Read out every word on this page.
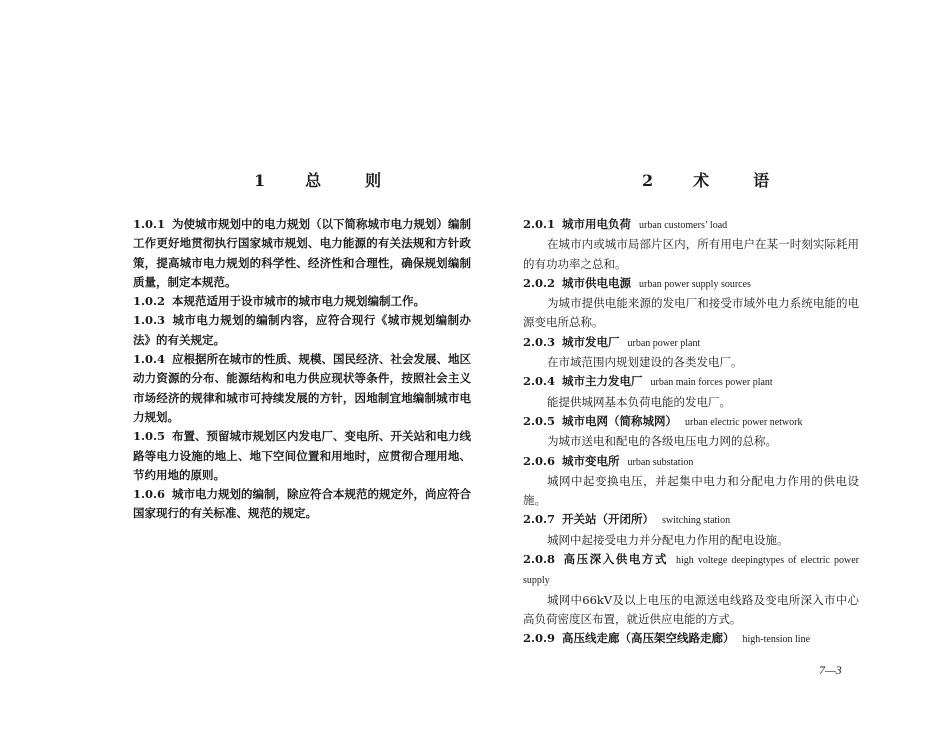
1 总	则	2 术	语

1.0.1 为使城市规划中的电力规划（以下简称城市电力规划）编制工作更好地贯彻执行国家城市规划、电力能源的有关法规和方针政策，提高城市电力规划的科学性、经济性和合理性，确保规划编制质量，制定本规范。

1.0.2 本规范适用于设市城市的城市电力规划编制工作。

1.0.3 城市电力规划的编制内容，应符合现行《城市规划编制办法》的有关规定。

1.0.4 应根据所在城市的性质、规模、国民经济、社会发展、地区动力资源的分布、能源结构和电力供应现状等条件，按照社会主义市场经济的规律和城市可持续发展的方针，因地制宜地编制城市电力规划。

1.0.5 布置、预留城市规划区内发电厂、变电所、开关站和电力线路等电力设施的地上、地下空间位置和用地时，应贯彻合理用地、节约用地的原则。

1.0.6 城市电力规划的编制，除应符合本规范的规定外，尚应符合国家现行的有关标准、规范的规定。

2.0.1 城市用电负荷 urban customers’ load

在城市内或城市局部片区内，所有用电户在某一时刻实际耗用的有功功率之总和。

2.0.2 城市供电电源 urban power supply sources

为城市提供电能来源的发电厂和接受市域外电力系统电能的电源变电所总称。

2.0.3 城市发电厂 urban power plant

在市域范围内规划建设的各类发电厂。

2.0.4 城市主力发电厂 urban main forces power plant

能提供城网基本负荷电能的发电厂。

2.0.5 城市电网（简称城网） urban electric power network

为城市送电和配电的各级电压电力网的总称。

2.0.6 城市变电所 urban substation

城网中起变换电压，并起集中电力和分配电力作用的供电设施。

2.0.7 开关站（开闭所） switching station

城网中起接受电力并分配电力作用的配电设施。

2.0.8 高压深入供电方式 high voltege deepingtypes of electric power supply

城网中66kV及以上电压的电源送电线路及变电所深入市中心高负荷密度区布置，就近供应电能的方式。

2.0.9 高压线走廊（高压架空线路走廊） high-tension line

7—3
